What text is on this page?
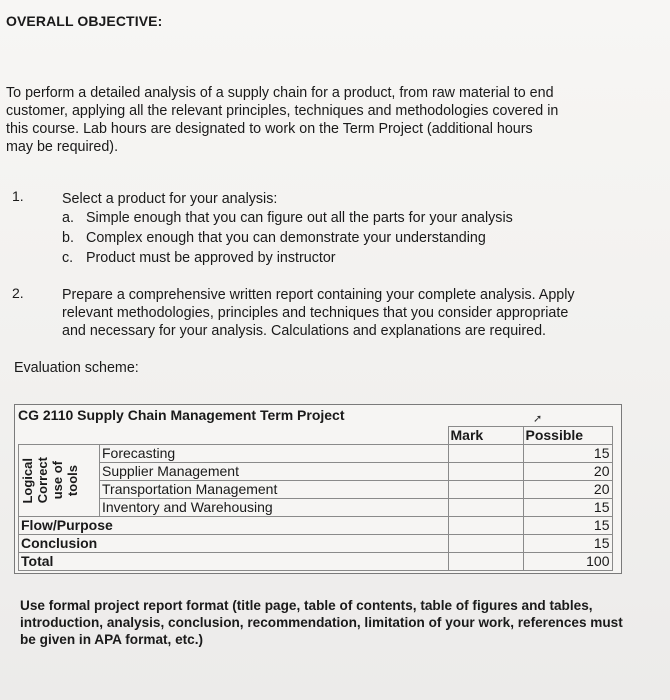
OVERALL OBJECTIVE:
To perform a detailed analysis of a supply chain for a product, from raw material to end
customer, applying all the relevant principles, techniques and methodologies covered in
this course. Lab hours are designated to work on the Term Project (additional hours
may be required).
1.	Select a product for your analysis:
a. Simple enough that you can figure out all the parts for your analysis
b. Complex enough that you can demonstrate your understanding
c. Product must be approved by instructor
2.	Prepare a comprehensive written report containing your complete analysis. Apply
relevant methodologies, principles and techniques that you consider appropriate
and necessary for your analysis. Calculations and explanations are required.
Evaluation scheme:
CG 2110 Supply Chain Management Term Project
		Mark	Possible

Logical Correct use of tools	Forecasting		15
	Supplier Management		20
	Transportation Management		20
	Inventory and Warehousing		15
Flow/Purpose			15
Conclusion			15
Total			100
➚
Use formal project report format (title page, table of contents, table of figures and tables, introduction, analysis, conclusion, recommendation, limitation of your work, references must be given in APA format, etc.)
